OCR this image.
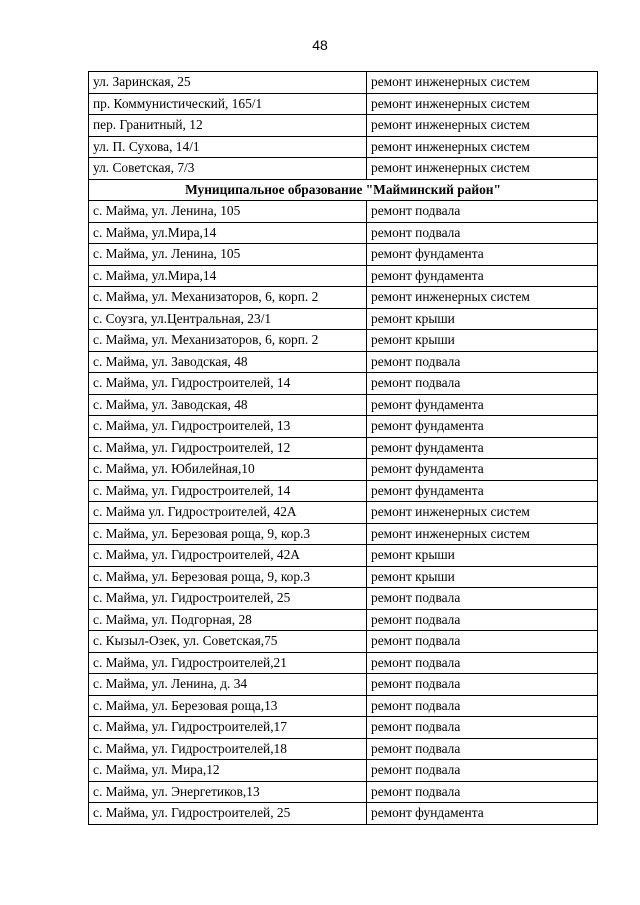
48
ул. Заринская, 25	ремонт инженерных систем
пр. Коммунистический, 165/1	ремонт инженерных систем
пер. Гранитный, 12	ремонт инженерных систем
ул. П. Сухова, 14/1	ремонт инженерных систем
ул. Советская, 7/3	ремонт инженерных систем
Муниципальное образование "Майминский район"	
с. Майма, ул. Ленина, 105	ремонт подвала
с. Майма, ул.Мира,14	ремонт подвала
с. Майма, ул. Ленина, 105	ремонт фундамента
с. Майма, ул.Мира,14	ремонт фундамента
с. Майма, ул. Механизаторов, 6, корп. 2	ремонт инженерных систем
с. Соузга, ул.Центральная, 23/1	ремонт крыши
с. Майма, ул. Механизаторов, 6, корп. 2	ремонт крыши
с. Майма, ул. Заводская, 48	ремонт подвала
с. Майма, ул. Гидростроителей, 14	ремонт подвала
с. Майма, ул. Заводская, 48	ремонт фундамента
с. Майма, ул. Гидростроителей, 13	ремонт фундамента
с. Майма, ул. Гидростроителей, 12	ремонт фундамента
с. Майма, ул. Юбилейная,10	ремонт фундамента
с. Майма, ул. Гидростроителей, 14	ремонт фундамента
с. Майма ул. Гидростроителей, 42А	ремонт инженерных систем
с. Майма, ул. Березовая роща, 9, кор.3	ремонт инженерных систем
с. Майма, ул. Гидростроителей, 42А	ремонт крыши
с. Майма, ул. Березовая роща, 9, кор.3	ремонт крыши
с. Майма, ул. Гидростроителей, 25	ремонт подвала
с. Майма, ул. Подгорная, 28	ремонт подвала
с. Кызыл-Озек, ул. Советская,75	ремонт подвала
с. Майма, ул. Гидростроителей,21	ремонт подвала
с. Майма, ул. Ленина, д. 34	ремонт подвала
с. Майма, ул. Березовая роща,13	ремонт подвала
с. Майма, ул. Гидростроителей,17	ремонт подвала
с. Майма, ул. Гидростроителей,18	ремонт подвала
с. Майма, ул. Мира,12	ремонт подвала
с. Майма, ул. Энергетиков,13	ремонт подвала
с. Майма, ул. Гидростроителей, 25	ремонт фундамента
